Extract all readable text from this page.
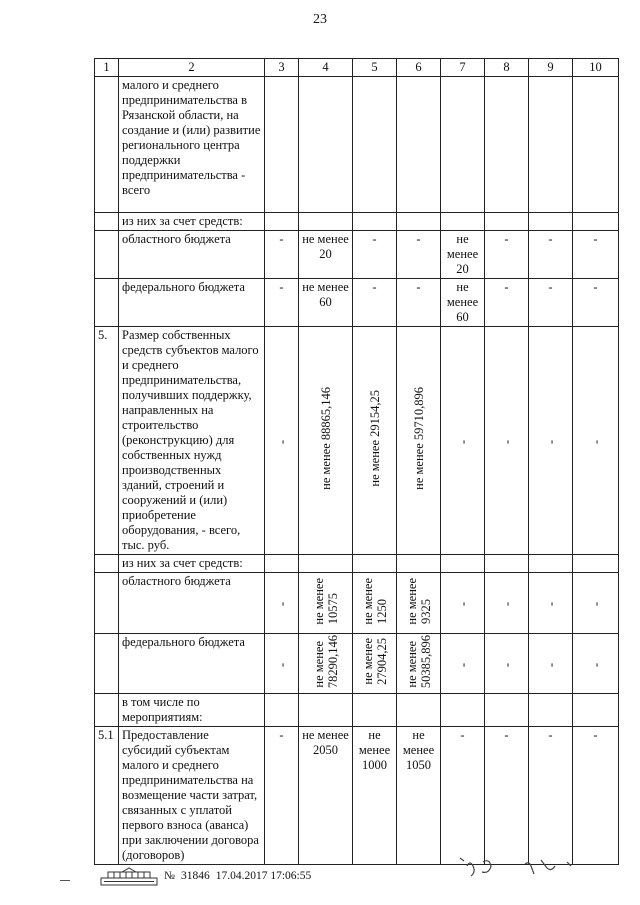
23
1	2	3	4	5	6	7	8	9	10
	малого и среднего предпринимательства в Рязанской области, на создание и (или) развитие регионального центра поддержки предпринимательства - всего								
	из них за счет средств:								
	областного бюджета	-	не менее 20	-	-	не менее 20	-	-	-
	федерального бюджета	-	не менее 60	-	-	не менее 60	-	-	-
5.	Размер собственных средств субъектов малого и среднего предпринимательства, получивших поддержку, направленных на строительство (реконструкцию) для собственных нужд производственных зданий, строений и сооружений и (или) приобретение оборудования, - всего, тыс. руб.	-	не менее 88865,146	не менее 29154,25	не менее 59710,896	-	-	-	-
	из них за счет средств:								
	областного бюджета	-	не менее10575	не менее1250	не менее9325	-	-	-	-
	федерального бюджета	-	не менее78290,146	не менее27904,25	не менее50385,896	-	-	-	-
	в том числе по мероприятиям:								
5.1	Предоставление субсидий субъектам малого и среднего предпринимательства на возмещение части затрат, связанных с уплатой первого взноса (аванса) при заключении договора (договоров)	-	не менее 2050	не менее 1000	не менее 1050	-	-	-	-
№ 31846 17.04.2017 17:06:55
